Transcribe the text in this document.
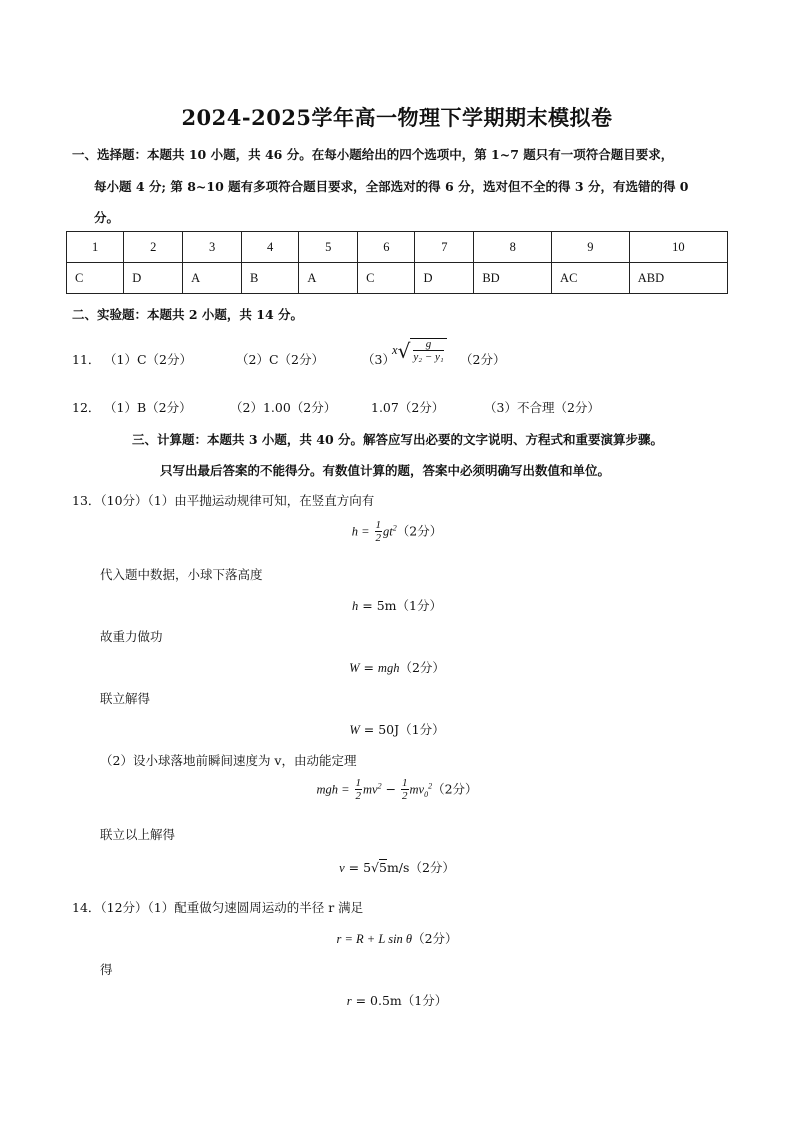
2024-2025学年高一物理下学期期末模拟卷
一、选择题：本题共 10 小题，共 46 分。在每小题给出的四个选项中，第 1~7 题只有一项符合题目要求，
每小题 4 分; 第 8~10 题有多项符合题目要求，全部选对的得 6 分，选对但不全的得 3 分，有选错的得 0
分。
1	2	3	4	5	6	7	8	9	10
C	D	A	B	A	C	D	BD	AC	ABD
二、实验题：本题共 2 小题，共 14 分。
11． （1）C（2分）	（2）C（2分）	（3）
$x√ \frac{g}{\text{y₂ − y₁}} (2$分）
12． （1）B（2分）	（2）1.00（2分）	1.07（2分）	（3）不合理（2分）
三、计算题：本题共 3 小题，共 40 分。解答应写出必要的文字说明、方程式和重要演算步骤。
只写出最后答案的不能得分。有数值计算的题，答案中必须明确写出数值和单位。
13．（10分）（1）由平抛运动规律可知，在竖直方向有
$h = \frac{1}{2} gt^2(2$分）
代入题中数据，小球下落高度
h = 5m（1分）
故重力做功
W = mgh（2分）
联立解得
W = 50J（1分）
（2）设小球落地前瞬间速度为 v，由动能定理
mgh = $\frac{1}{2} mv^2 - \frac{1}{2} mv_0^2(2$分）
联立以上解得
v = 5√5m/s（2分）
14．（12分）（1）配重做匀速圆周运动的半径 r 满足
r = R + L sin θ（2分）
得
r = 0.5m（1分）
